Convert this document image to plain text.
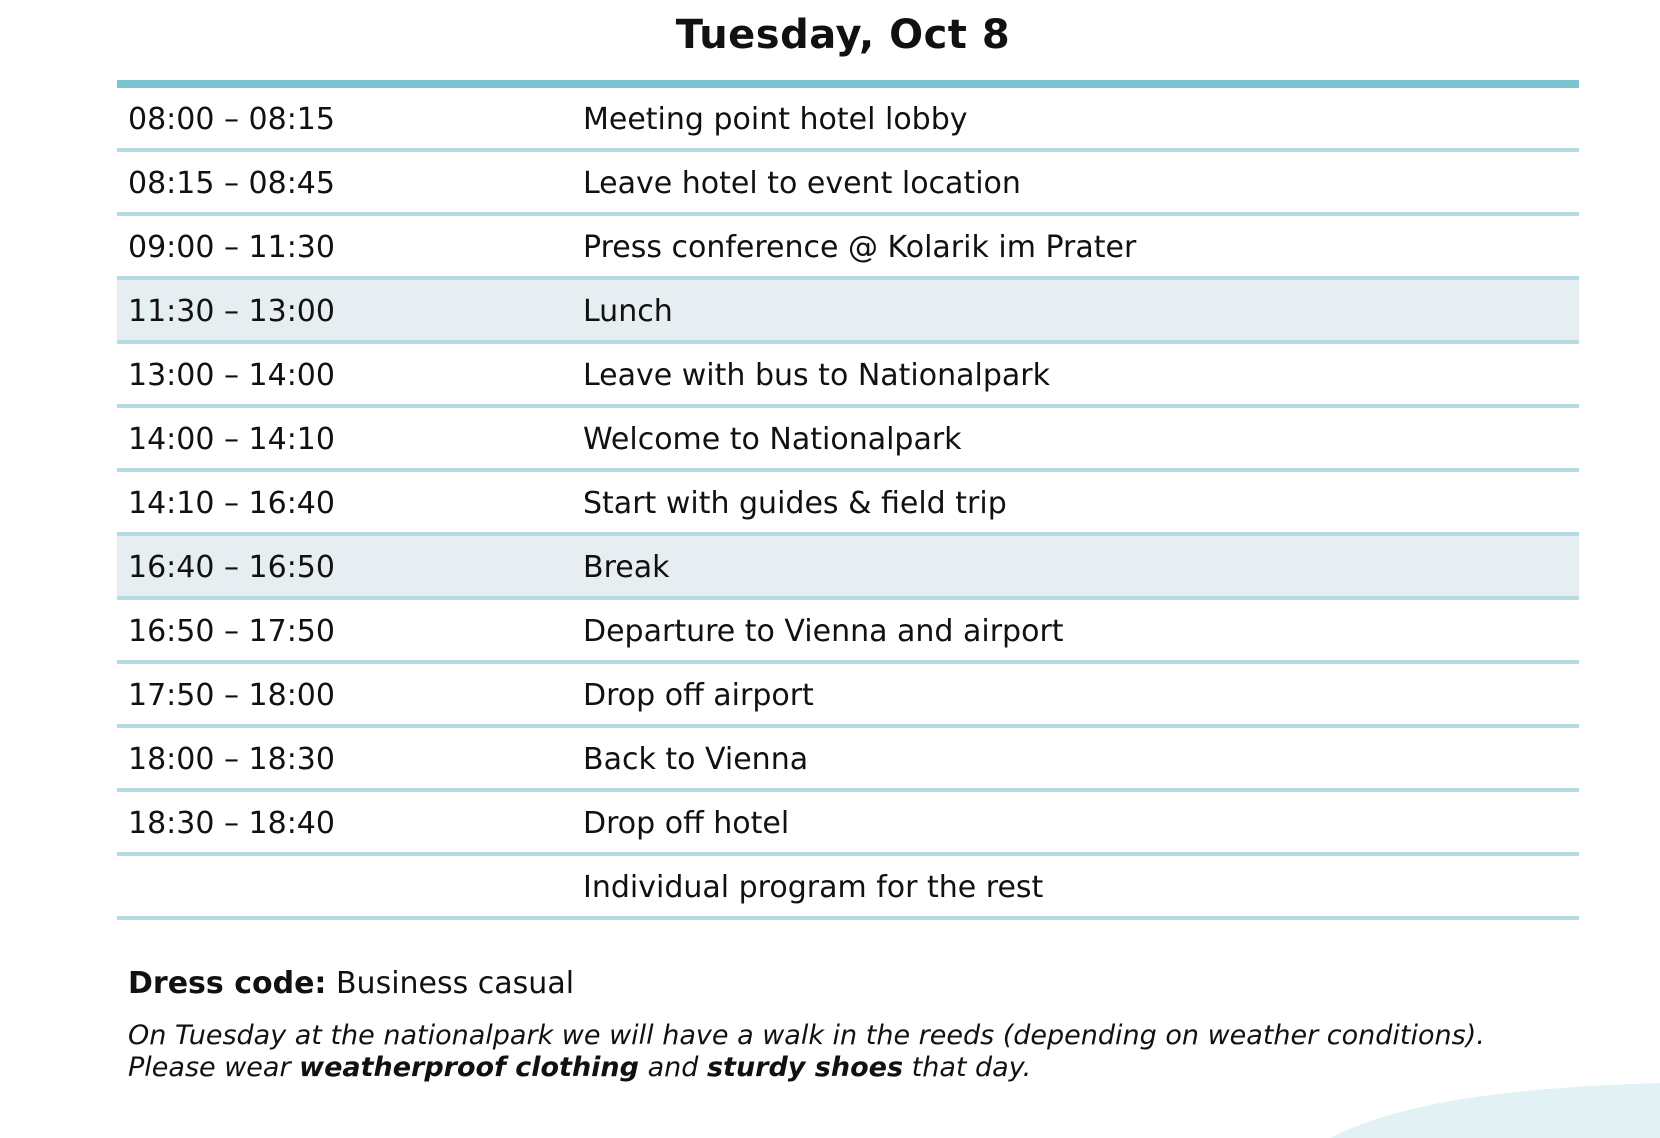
Tuesday, Oct 8
08:00 – 08:15	Meeting point hotel lobby
08:15 – 08:45	Leave hotel to event location
09:00 – 11:30	Press conference @ Kolarik im Prater
11:30 – 13:00	Lunch
13:00 – 14:00	Leave with bus to Nationalpark
14:00 – 14:10	Welcome to Nationalpark
14:10 – 16:40	Start with guides & field trip
16:40 – 16:50	Break
16:50 – 17:50	Departure to Vienna and airport
17:50 – 18:00	Drop off airport
18:00 – 18:30	Back to Vienna
18:30 – 18:40	Drop off hotel
Individual program for the rest
Dress code: Business casual
On Tuesday at the nationalpark we will have a walk in the reeds (depending on weather conditions).
Please wear weatherproof clothing and sturdy shoes that day.
